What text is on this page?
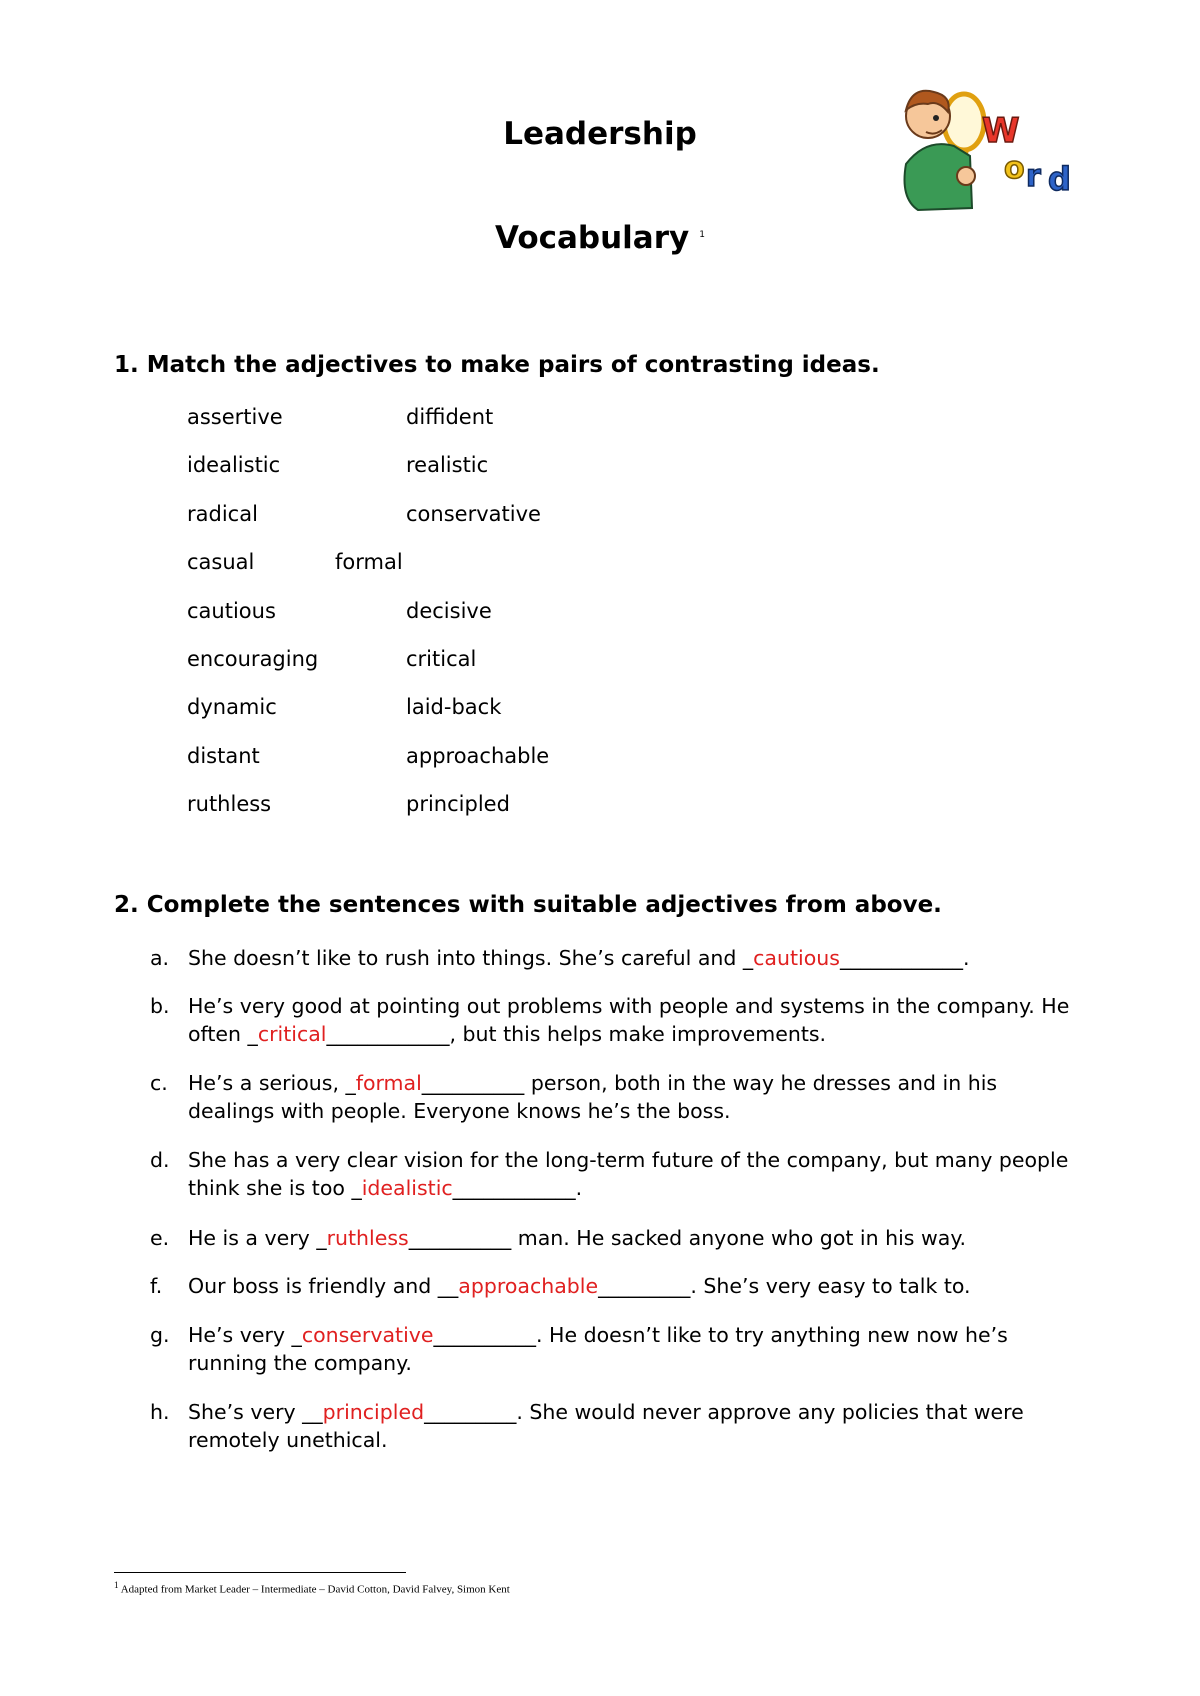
Leadership
Vocabulary $^1$
W
o r d
1. Match the adjectives to make pairs of contrasting ideas.
assertive	diffident
idealistic	realistic
radical	conservative
casual	formal
cautious	decisive
encouraging	critical
dynamic	laid-back
distant	approachable
ruthless	principled
2. Complete the sentences with suitable adjectives from above.
a. She doesn’t like to rush into things. She’s careful and _cautious____________.
b. He’s very good at pointing out problems with people and systems in the company. He often _critical____________, but this helps make improvements.
c. He’s a serious, _formal__________ person, both in the way he dresses and in his dealings with people. Everyone knows he’s the boss.
d. She has a very clear vision for the long-term future of the company, but many people think she is too _idealistic____________.
e. He is a very _ruthless__________ man. He sacked anyone who got in his way.
f. Our boss is friendly and __approachable_________. She’s very easy to talk to.
g. He’s very _conservative__________. He doesn’t like to try anything new now he’s running the company.
h. She’s very __principled_________. She would never approve any policies that were remotely unethical.
$^1$ Adapted from Market Leader – Intermediate – David Cotton, David Falvey, Simon Kent
